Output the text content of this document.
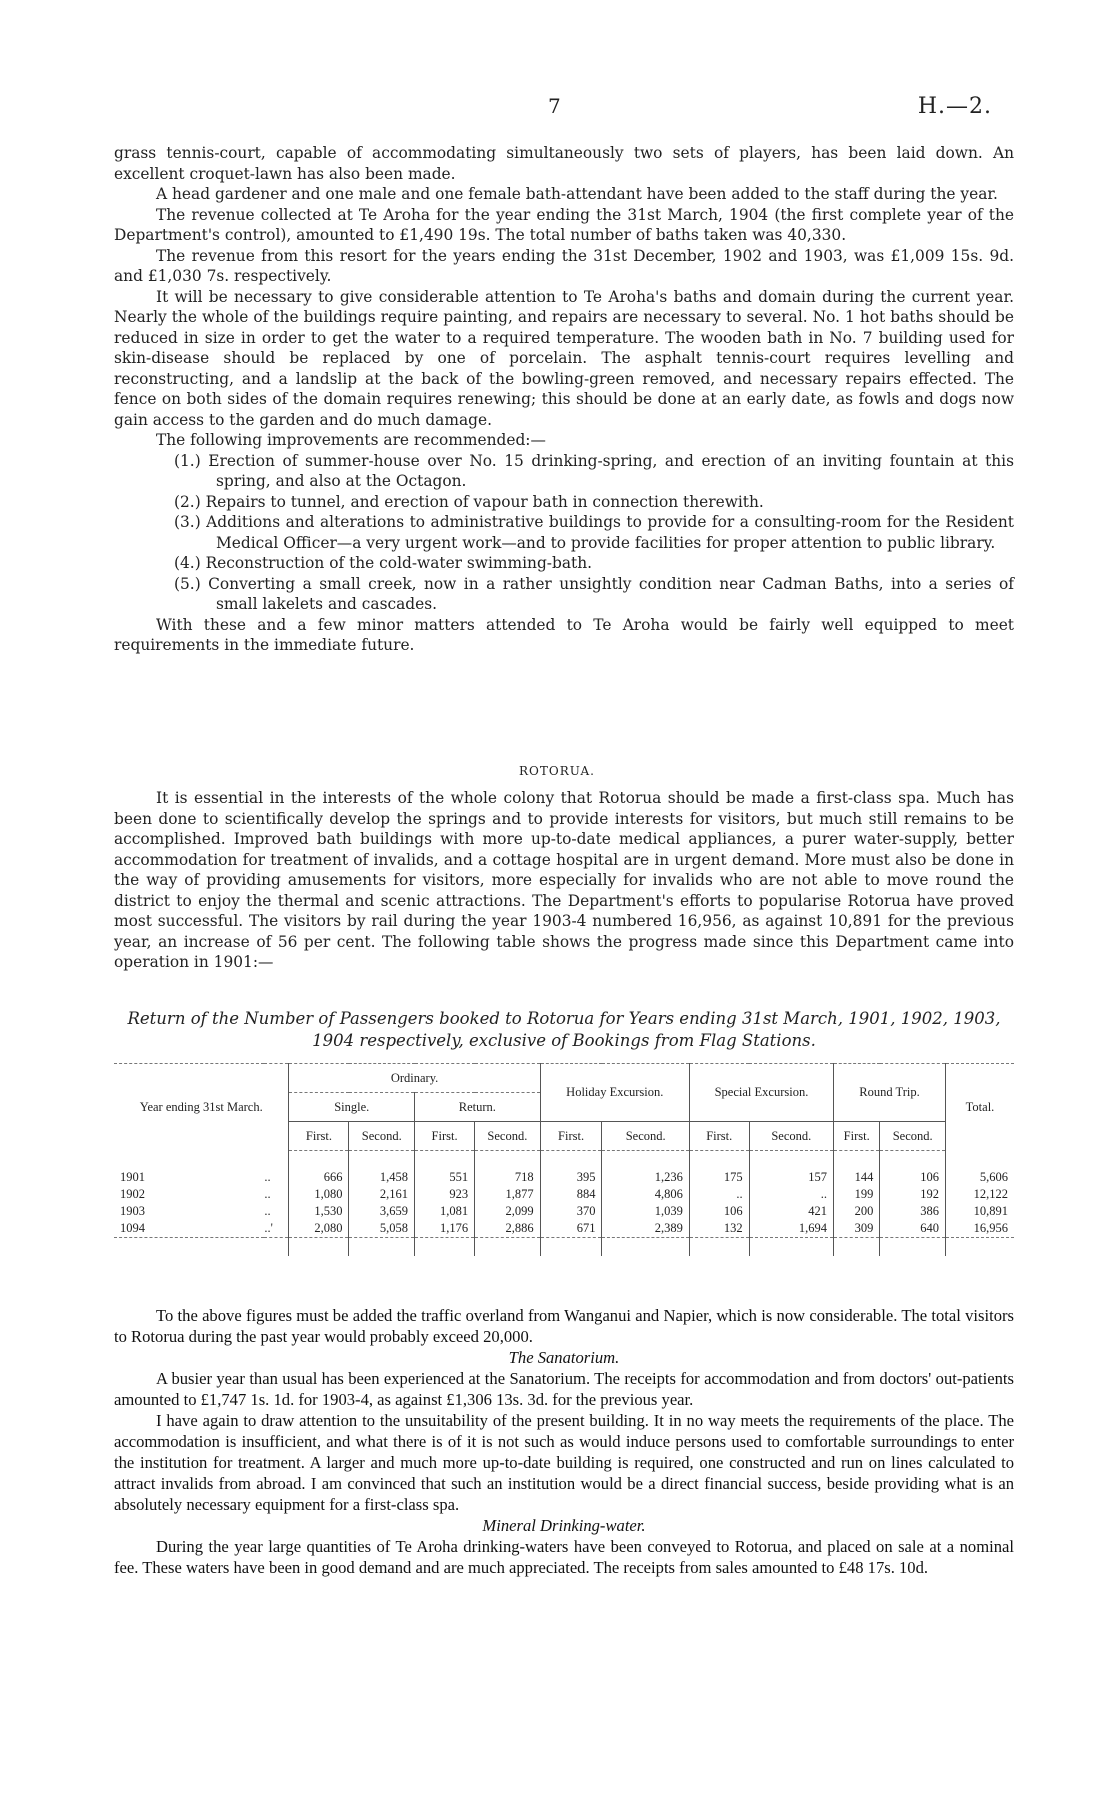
7	H.—2.

grass tennis-court, capable of accommodating simultaneously two sets of players, has been laid down. An excellent croquet-lawn has also been made.

A head gardener and one male and one female bath-attendant have been added to the staff during the year.

The revenue collected at Te Aroha for the year ending the 31st March, 1904 (the first complete year of the Department's control), amounted to £1,490 19s. The total number of baths taken was 40,330.

The revenue from this resort for the years ending the 31st December, 1902 and 1903, was £1,009 15s. 9d. and £1,030 7s. respectively.

It will be necessary to give considerable attention to Te Aroha's baths and domain during the current year. Nearly the whole of the buildings require painting, and repairs are necessary to several. No. 1 hot baths should be reduced in size in order to get the water to a required temperature. The wooden bath in No. 7 building used for skin-disease should be replaced by one of porcelain. The asphalt tennis-court requires levelling and reconstructing, and a landslip at the back of the bowling-green removed, and necessary repairs effected. The fence on both sides of the domain requires renewing; this should be done at an early date, as fowls and dogs now gain access to the garden and do much damage.

The following improvements are recommended:—

(1.) Erection of summer-house over No. 15 drinking-spring, and erection of an inviting fountain at this spring, and also at the Octagon.
(2.) Repairs to tunnel, and erection of vapour bath in connection therewith.
(3.) Additions and alterations to administrative buildings to provide for a consulting-room for the Resident Medical Officer—a very urgent work—and to provide facilities for proper attention to public library.
(4.) Reconstruction of the cold-water swimming-bath.
(5.) Converting a small creek, now in a rather unsightly condition near Cadman Baths, into a series of small lakelets and cascades.

With these and a few minor matters attended to Te Aroha would be fairly well equipped to meet requirements in the immediate future.

ROTORUA.

It is essential in the interests of the whole colony that Rotorua should be made a first-class spa. Much has been done to scientifically develop the springs and to provide interests for visitors, but much still remains to be accomplished. Improved bath buildings with more up-to-date medical appliances, a purer water-supply, better accommodation for treatment of invalids, and a cottage hospital are in urgent demand. More must also be done in the way of providing amusements for visitors, more especially for invalids who are not able to move round the district to enjoy the thermal and scenic attractions. The Department's efforts to popularise Rotorua have proved most successful. The visitors by rail during the year 1903-4 numbered 16,956, as against 10,891 for the previous year, an increase of 56 per cent. The following table shows the progress made since this Department came into operation in 1901:—

Return of the Number of Passengers booked to Rotorua for Years ending 31st March, 1901, 1902, 1903, 1904 respectively, exclusive of Bookings from Flag Stations.
Year ending 31st March.		Ordinary.				Holiday Excursion.		Special Excursion.		Round Trip.		Total.
		Single.		Return.								
		First.	Second.	First.	Second.	First.	Second.	First.	Second.	First.	Second.	

1901	..	666	1,458	551	718	395	1,236	175	157	144	106	5,606
1902	..	1,080	2,161	923	1,877	884	4,806	..	..	199	192	12,122
1903	..	1,530	3,659	1,081	2,099	370	1,039	106	421	200	386	10,891
1094	..'	2,080	5,058	1,176	2,886	671	2,389	132	1,694	309	640	16,956

To the above figures must be added the traffic overland from Wanganui and Napier, which is now considerable. The total visitors to Rotorua during the past year would probably exceed 20,000.

The Sanatorium.

A busier year than usual has been experienced at the Sanatorium. The receipts for accommodation and from doctors' out-patients amounted to £1,747 1s. 1d. for 1903-4, as against £1,306 13s. 3d. for the previous year.

I have again to draw attention to the unsuitability of the present building. It in no way meets the requirements of the place. The accommodation is insufficient, and what there is of it is not such as would induce persons used to comfortable surroundings to enter the institution for treatment. A larger and much more up-to-date building is required, one constructed and run on lines calculated to attract invalids from abroad. I am convinced that such an institution would be a direct financial success, beside providing what is an absolutely necessary equipment for a first-class spa.

Mineral Drinking-water.

During the year large quantities of Te Aroha drinking-waters have been conveyed to Rotorua, and placed on sale at a nominal fee. These waters have been in good demand and are much appreciated. The receipts from sales amounted to £48 17s. 10d.
